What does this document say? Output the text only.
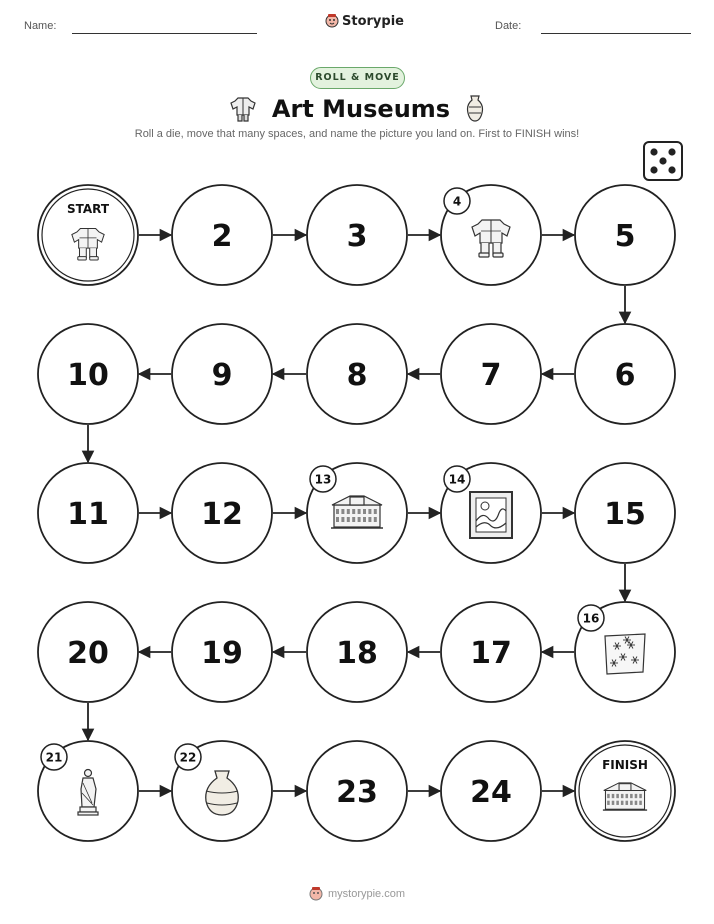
Name:	Storypie	Date:
ROLL & MOVE
Art Museums
Roll a die, move that many spaces, and name the picture you land on. First to FINISH wins!
START
2	3
4
5
6
7
8
9
10
11	12
13	14
15
16
17
18
19
20
21	22
23	24
FINISH
mystorypie.com
